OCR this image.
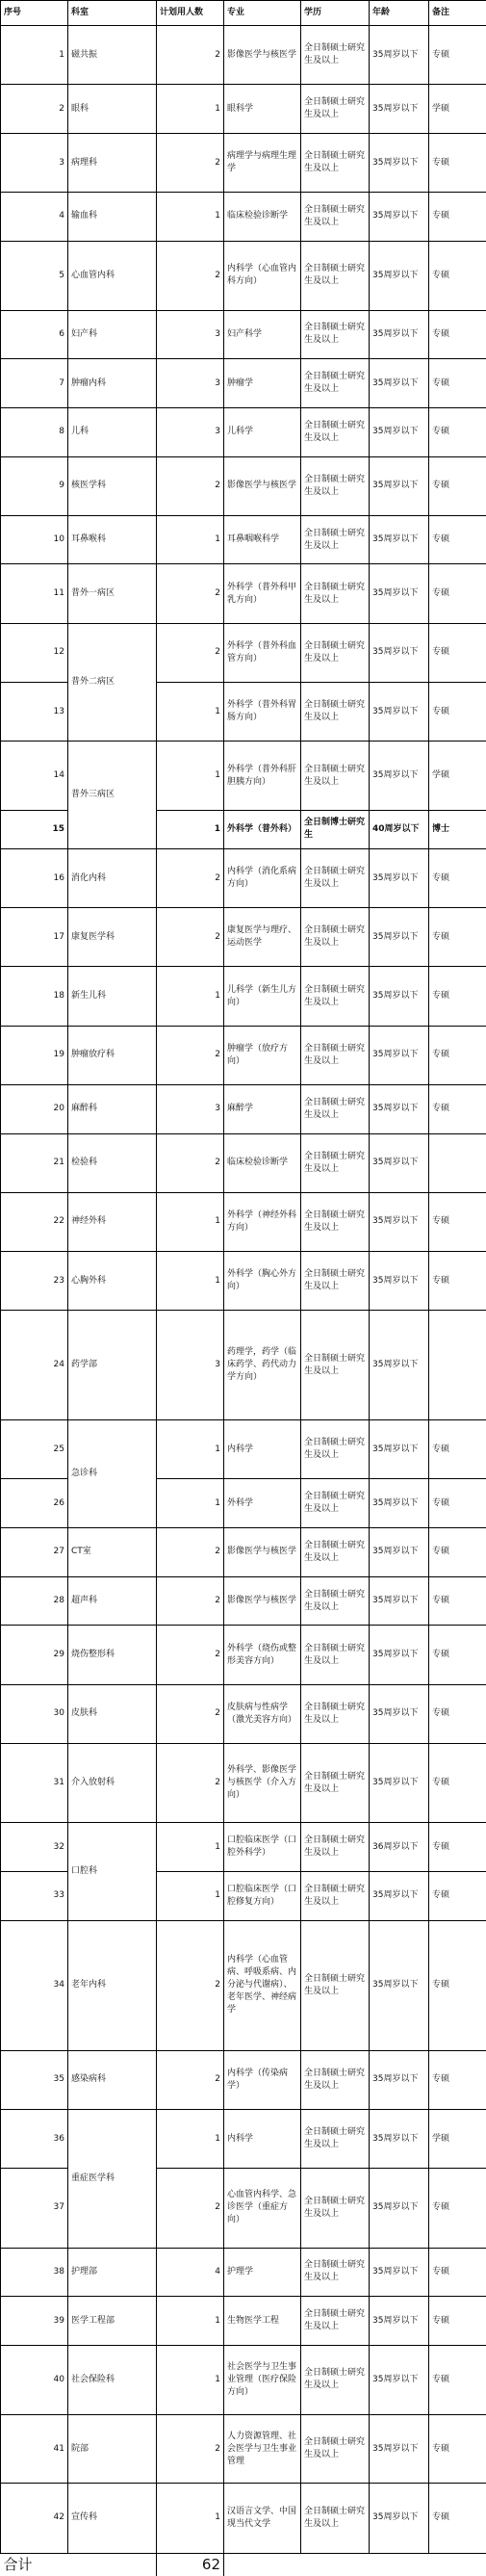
序号	科室	计划用人数	专业	学历	年龄	备注
1	磁共振	2	影像医学与核医学	全日制硕士研究生及以上	35周岁以下	专硕
2	眼科	1	眼科学	全日制硕士研究生及以上	35周岁以下	学硕
3	病理科	2	病理学与病理生理学	全日制硕士研究生及以上	35周岁以下	专硕
4	输血科	1	临床检验诊断学	全日制硕士研究生及以上	35周岁以下	专硕
5	心血管内科	2	内科学（心血管内科方向）	全日制硕士研究生及以上	35周岁以下	专硕
6	妇产科	3	妇产科学	全日制硕士研究生及以上	35周岁以下	专硕
7	肿瘤内科	3	肿瘤学	全日制硕士研究生及以上	35周岁以下	专硕
8	儿科	3	儿科学	全日制硕士研究生及以上	35周岁以下	专硕
9	核医学科	2	影像医学与核医学	全日制硕士研究生及以上	35周岁以下	专硕
10	耳鼻喉科	1	耳鼻咽喉科学	全日制硕士研究生及以上	35周岁以下	专硕
11	普外一病区	2	外科学（普外科甲乳方向）	全日制硕士研究生及以上	35周岁以下	专硕
12	普外二病区	2	外科学（普外科血管方向）	全日制硕士研究生及以上	35周岁以下	专硕
13		1	外科学（普外科胃肠方向）	全日制硕士研究生及以上	35周岁以下	专硕
14	普外三病区	1	外科学（普外科肝胆胰方向）	全日制硕士研究生及以上	35周岁以下	学硕
15		1	外科学（普外科）	全日制博士研究生	40周岁以下	博士
16	消化内科	2	内科学（消化系病方向）	全日制硕士研究生及以上	35周岁以下	专硕
17	康复医学科	2	康复医学与理疗、运动医学	全日制硕士研究生及以上	35周岁以下	专硕
18	新生儿科	1	儿科学（新生儿方向）	全日制硕士研究生及以上	35周岁以下	专硕
19	肿瘤放疗科	2	肿瘤学（放疗方向）	全日制硕士研究生及以上	35周岁以下	专硕
20	麻醉科	3	麻醉学	全日制硕士研究生及以上	35周岁以下	专硕
21	检验科	2	临床检验诊断学	全日制硕士研究生及以上	35周岁以下	
22	神经外科	1	外科学（神经外科方向）	全日制硕士研究生及以上	35周岁以下	专硕
23	心胸外科	1	外科学（胸心外方向）	全日制硕士研究生及以上	35周岁以下	专硕
24	药学部	3	药理学，药学（临床药学、药代动力学方向）	全日制硕士研究生及以上	35周岁以下	
25	急诊科	1	内科学	全日制硕士研究生及以上	35周岁以下	专硕
26		1	外科学	全日制硕士研究生及以上	35周岁以下	专硕
27	CT室	2	影像医学与核医学	全日制硕士研究生及以上	35周岁以下	专硕
28	超声科	2	影像医学与核医学	全日制硕士研究生及以上	35周岁以下	专硕
29	烧伤整形科	2	外科学（烧伤或整形美容方向）	全日制硕士研究生及以上	35周岁以下	专硕
30	皮肤科	2	皮肤病与性病学（激光美容方向）	全日制硕士研究生及以上	35周岁以下	专硕
31	介入放射科	2	外科学、影像医学与核医学（介入方向）	全日制硕士研究生及以上	35周岁以下	专硕
32	口腔科	1	口腔临床医学（口腔外科学）	全日制硕士研究生及以上	36周岁以下	专硕
33		1	口腔临床医学（口腔修复方向）	全日制硕士研究生及以上	35周岁以下	专硕
34	老年内科	2	内科学（心血管病、呼吸系病、内分泌与代谢病）、老年医学、神经病学	全日制硕士研究生及以上	35周岁以下	专硕
35	感染病科	2	内科学（传染病学）	全日制硕士研究生及以上	35周岁以下	专硕
36	重症医学科	1	内科学	全日制硕士研究生及以上	35周岁以下	学硕
37		2	心血管内科学、急诊医学（重症方向）	全日制硕士研究生及以上	35周岁以下	专硕
38	护理部	4	护理学	全日制硕士研究生及以上	35周岁以下	专硕
39	医学工程部	1	生物医学工程	全日制硕士研究生及以上	35周岁以下	专硕
40	社会保险科	1	社会医学与卫生事业管理（医疗保险方向）	全日制硕士研究生及以上	35周岁以下	专硕
41	院部	2	人力资源管理、社会医学与卫生事业管理	全日制硕士研究生及以上	35周岁以下	专硕
42	宣传科	1	汉语言文学、中国现当代文学	全日制硕士研究生及以上	35周岁以下	专硕
合计		62				
